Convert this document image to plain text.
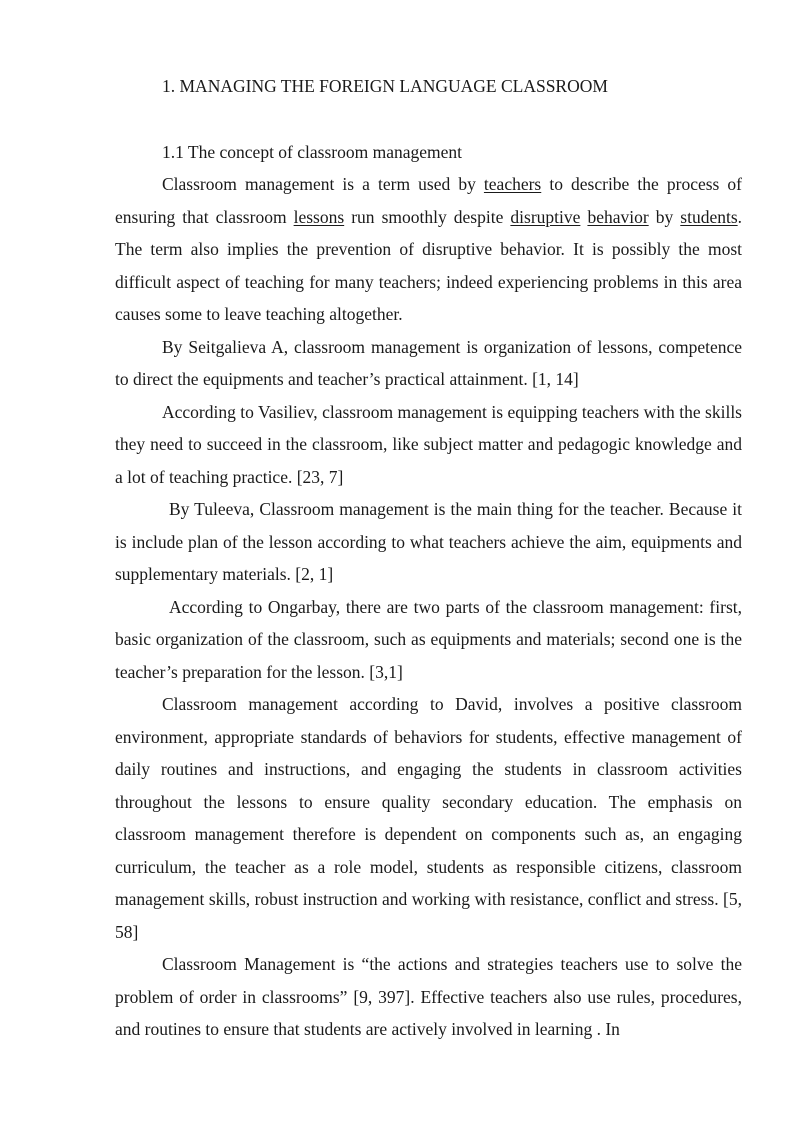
1. MANAGING THE FOREIGN LANGUAGE CLASSROOM
1.1 The concept of classroom management

Classroom management is a term used by teachers to describe the process of ensuring that classroom lessons run smoothly despite disruptive behavior by students. The term also implies the prevention of disruptive behavior. It is possibly the most difficult aspect of teaching for many teachers; indeed experiencing problems in this area causes some to leave teaching altogether.

By Seitgalieva A, classroom management is organization of lessons, competence to direct the equipments and teacher’s practical attainment. [1, 14]

According to Vasiliev, classroom management is equipping teachers with the skills they need to succeed in the classroom, like subject matter and pedagogic knowledge and a lot of teaching practice. [23, 7]

By Tuleeva, Classroom management is the main thing for the teacher. Because it is include plan of the lesson according to what teachers achieve the aim, equipments and supplementary materials. [2, 1]

According to Ongarbay, there are two parts of the classroom management: first, basic organization of the classroom, such as equipments and materials; second one is the teacher’s preparation for the lesson. [3,1]

Classroom management according to David, involves a positive classroom environment, appropriate standards of behaviors for students, effective management of daily routines and instructions, and engaging the students in classroom activities throughout the lessons to ensure quality secondary education. The emphasis on classroom management therefore is dependent on components such as, an engaging curriculum, the teacher as a role model, students as responsible citizens, classroom management skills, robust instruction and working with resistance, conflict and stress. [5, 58]

Classroom Management is “the actions and strategies teachers use to solve the problem of order in classrooms” [9, 397]. Effective teachers also use rules, procedures, and routines to ensure that students are actively involved in learning . In
